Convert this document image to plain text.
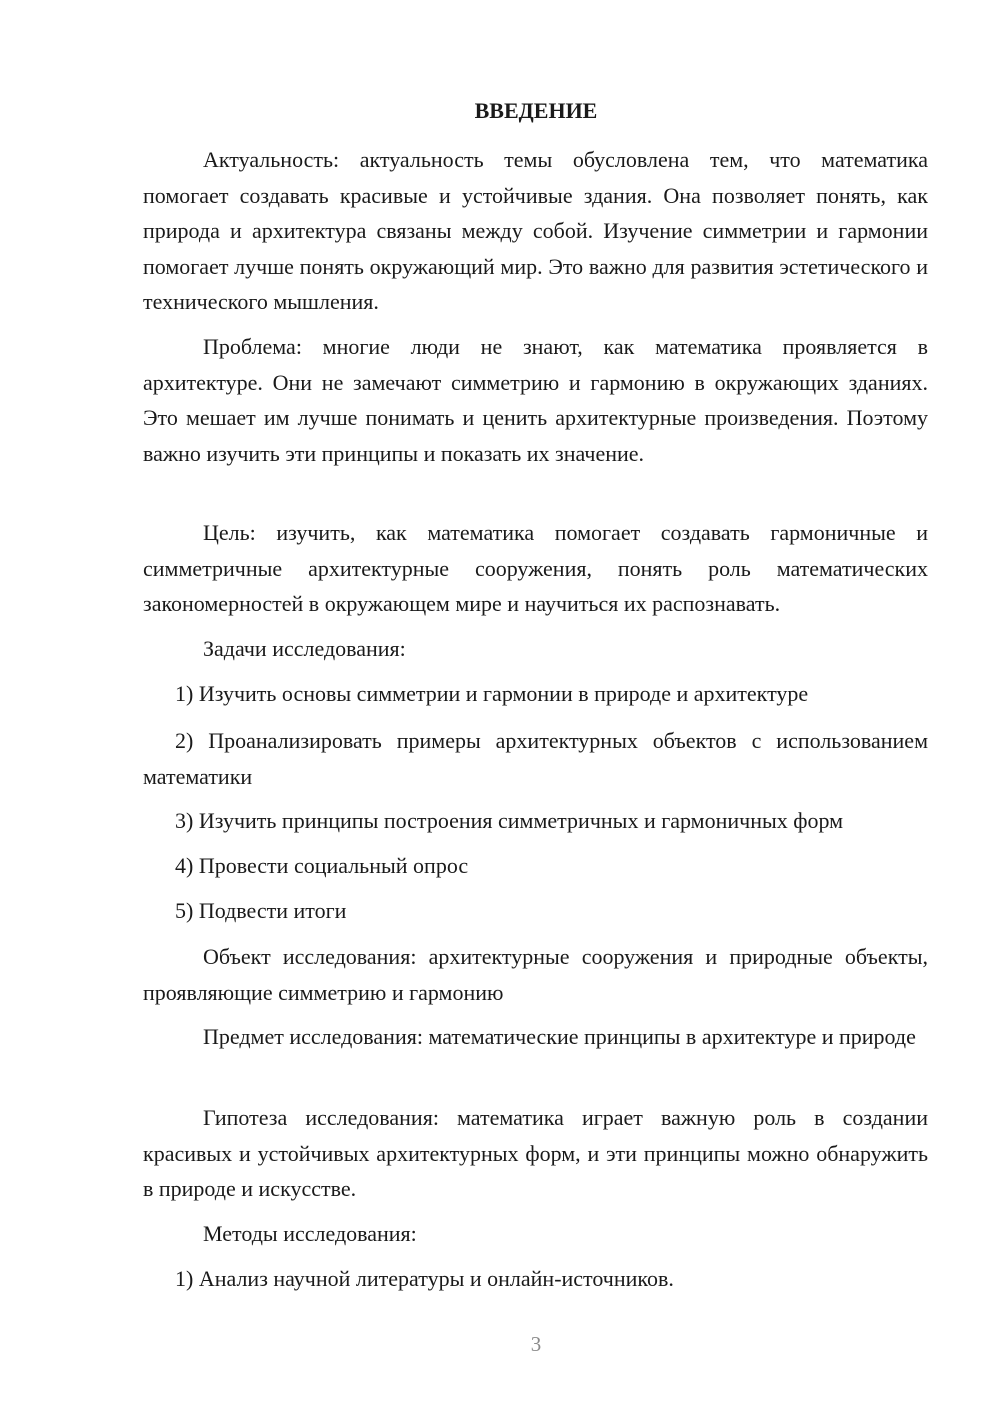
ВВЕДЕНИЕ

Актуальность: актуальность темы обусловлена тем, что математика помогает создавать красивые и устойчивые здания. Она позволяет понять, как природа и архитектура связаны между собой. Изучение симметрии и гармонии помогает лучше понять окружающий мир. Это важно для развития эстетического и технического мышления.

Проблема: многие люди не знают, как математика проявляется в архитектуре. Они не замечают симметрию и гармонию в окружающих зданиях. Это мешает им лучше понимать и ценить архитектурные произведения. Поэтому важно изучить эти принципы и показать их значение.

Цель: изучить, как математика помогает создавать гармоничные и симметричные архитектурные сооружения, понять роль математических закономерностей в окружающем мире и научиться их распознавать.

Задачи исследования:

1) Изучить основы симметрии и гармонии в природе и архитектуре

2) Проанализировать примеры архитектурных объектов с использованием математики

3) Изучить принципы построения симметричных и гармоничных форм

4) Провести социальный опрос

5) Подвести итоги

Объект исследования: архитектурные сооружения и природные объекты, проявляющие симметрию и гармонию

Предмет исследования: математические принципы в архитектуре и природе

Гипотеза исследования: математика играет важную роль в создании красивых и устойчивых архитектурных форм, и эти принципы можно обнаружить в природе и искусстве.

Методы исследования:

1) Анализ научной литературы и онлайн-источников.

3
